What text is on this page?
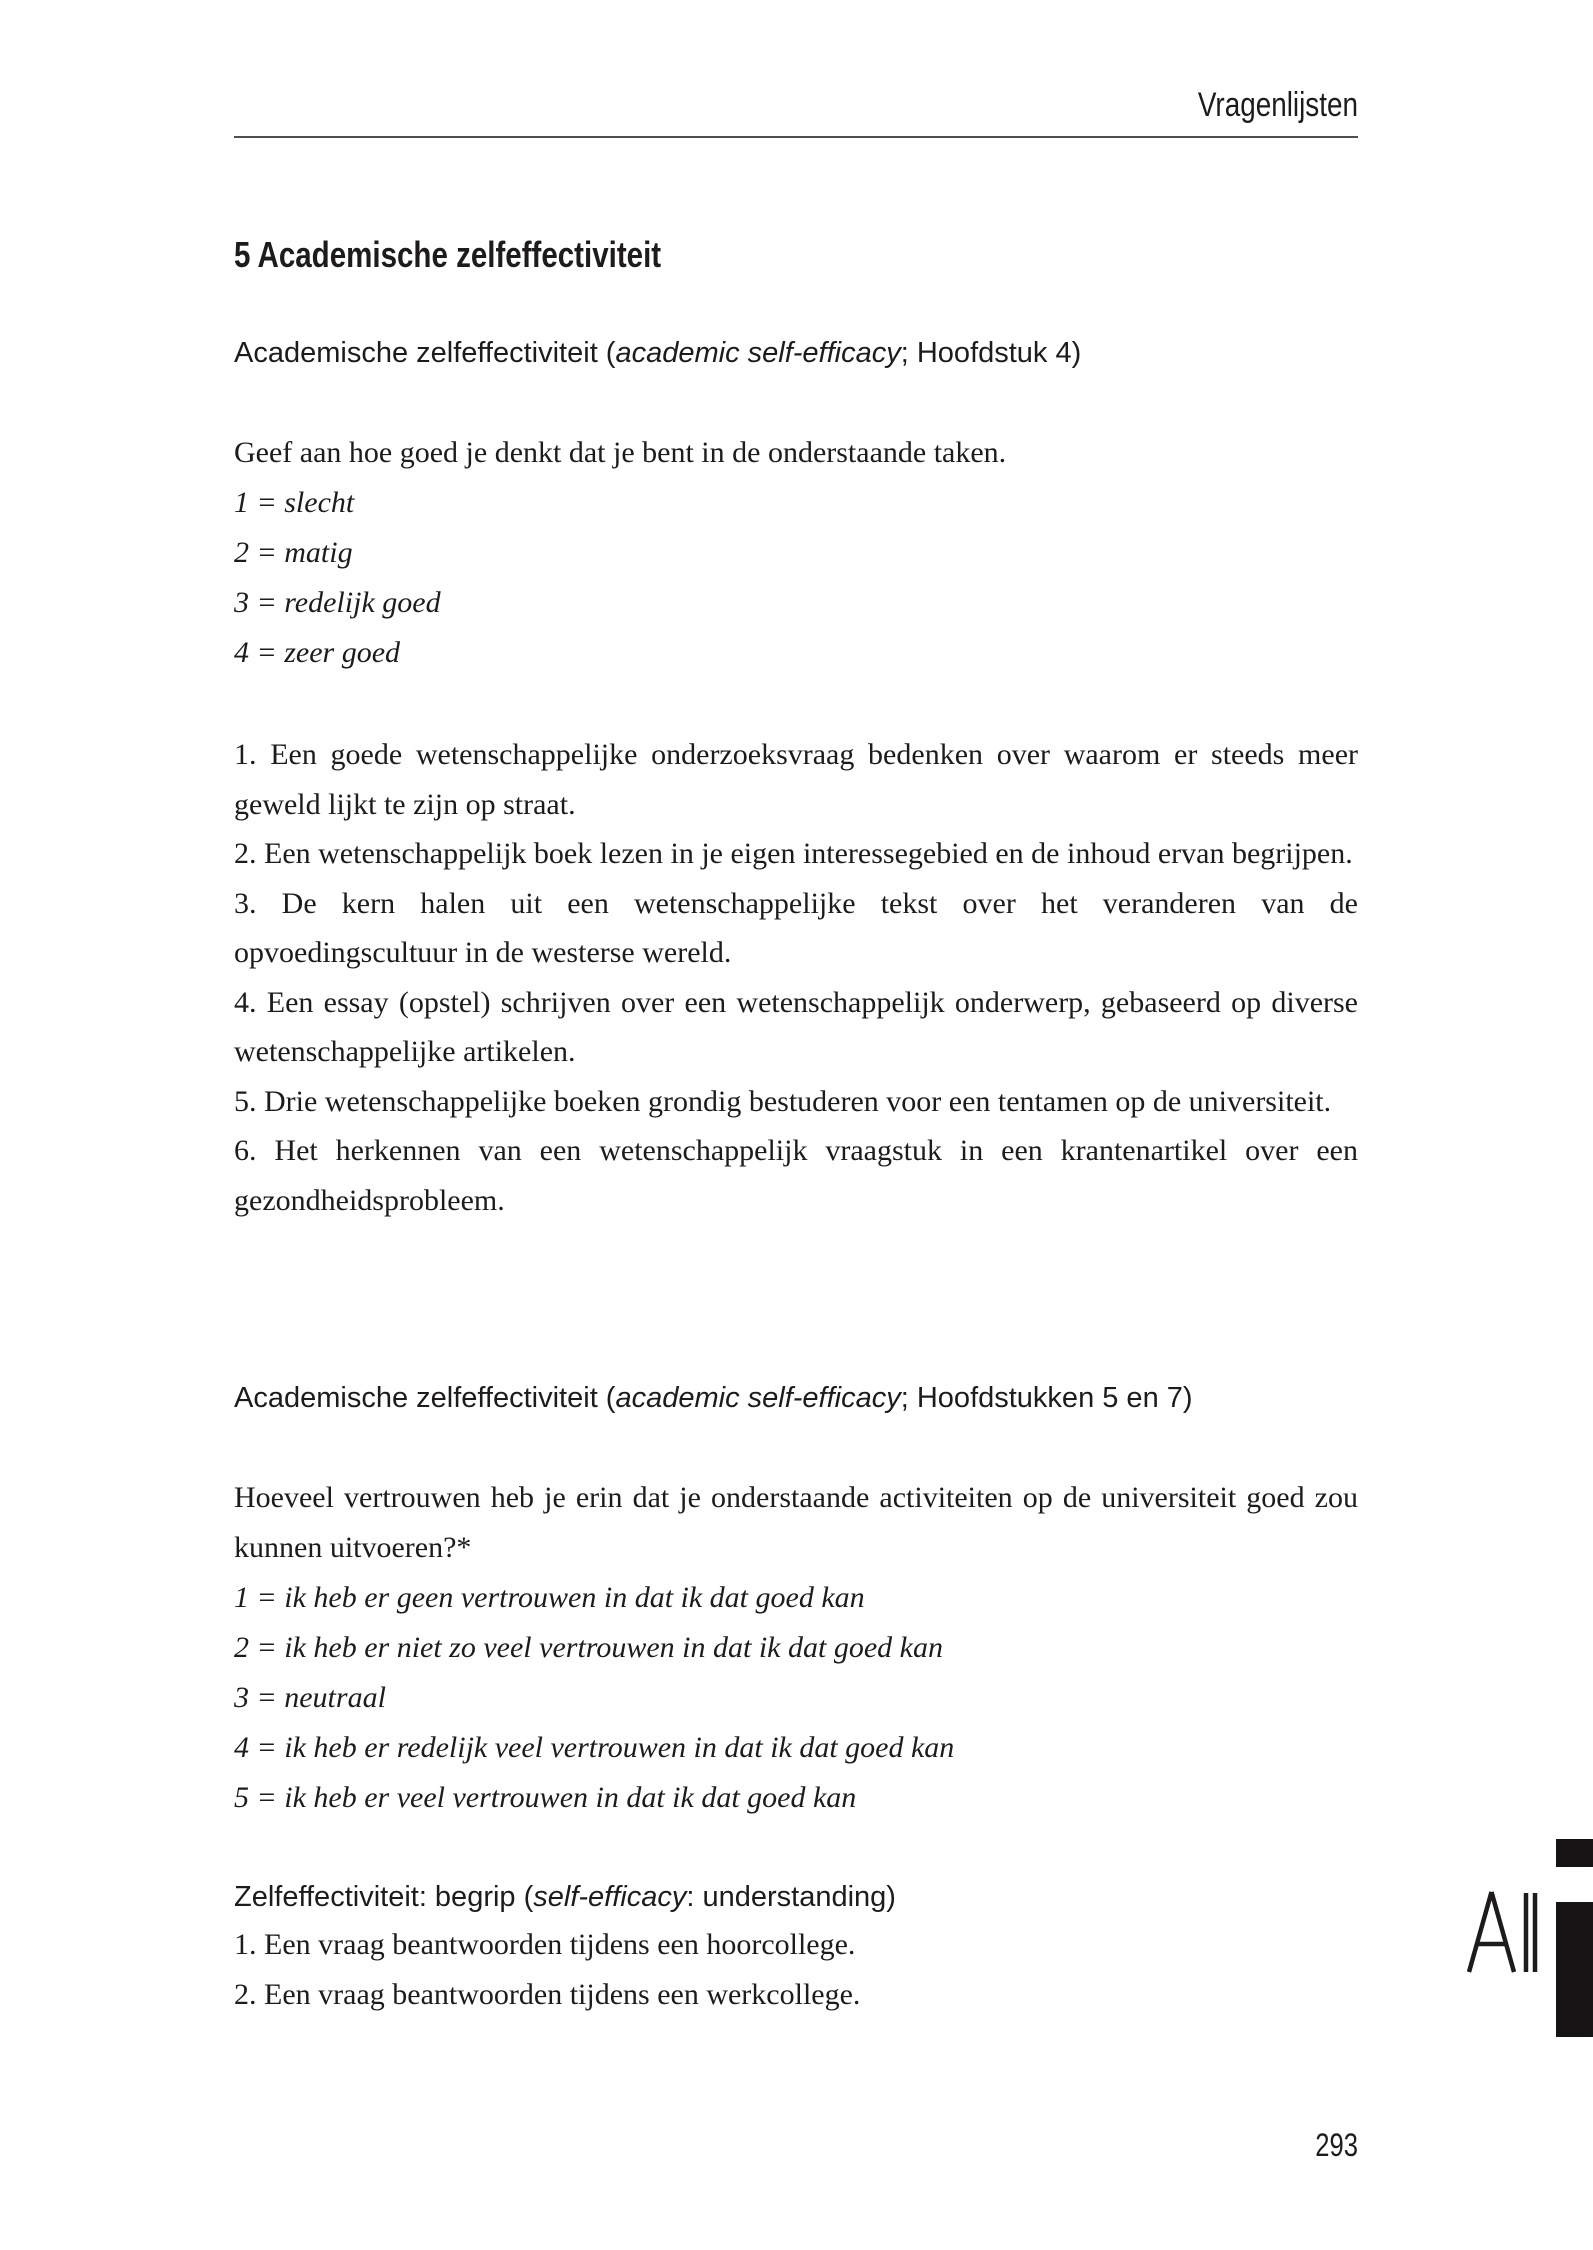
Vragenlijsten
5 Academische zelfeffectiviteit
Academische zelfeffectiviteit (academic self-efficacy; Hoofdstuk 4)

Geef aan hoe goed je denkt dat je bent in de onderstaande taken.

1 = slecht

2 = matig

3 = redelijk goed

4 = zeer goed

1. Een goede wetenschappelijke onderzoeksvraag bedenken over waarom er steeds meer geweld lijkt te zijn op straat.

2. Een wetenschappelijk boek lezen in je eigen interessegebied en de inhoud ervan begrijpen.

3. De kern halen uit een wetenschappelijke tekst over het veranderen van de opvoedingscultuur in de westerse wereld.

4. Een essay (opstel) schrijven over een wetenschappelijk onderwerp, gebaseerd op diverse wetenschappelijke artikelen.

5. Drie wetenschappelijke boeken grondig bestuderen voor een tentamen op de universiteit.

6. Het herkennen van een wetenschappelijk vraagstuk in een krantenartikel over een gezondheidsprobleem.

Academische zelfeffectiviteit (academic self-efficacy; Hoofdstukken 5 en 7)

Hoeveel vertrouwen heb je erin dat je onderstaande activiteiten op de universiteit goed zou kunnen uitvoeren?*

1 = ik heb er geen vertrouwen in dat ik dat goed kan

2 = ik heb er niet zo veel vertrouwen in dat ik dat goed kan

3 = neutraal

4 = ik heb er redelijk veel vertrouwen in dat ik dat goed kan

5 = ik heb er veel vertrouwen in dat ik dat goed kan

Zelfeffectiviteit: begrip (self-efficacy: understanding)

1. Een vraag beantwoorden tijdens een hoorcollege.

2. Een vraag beantwoorden tijdens een werkcollege.

293
